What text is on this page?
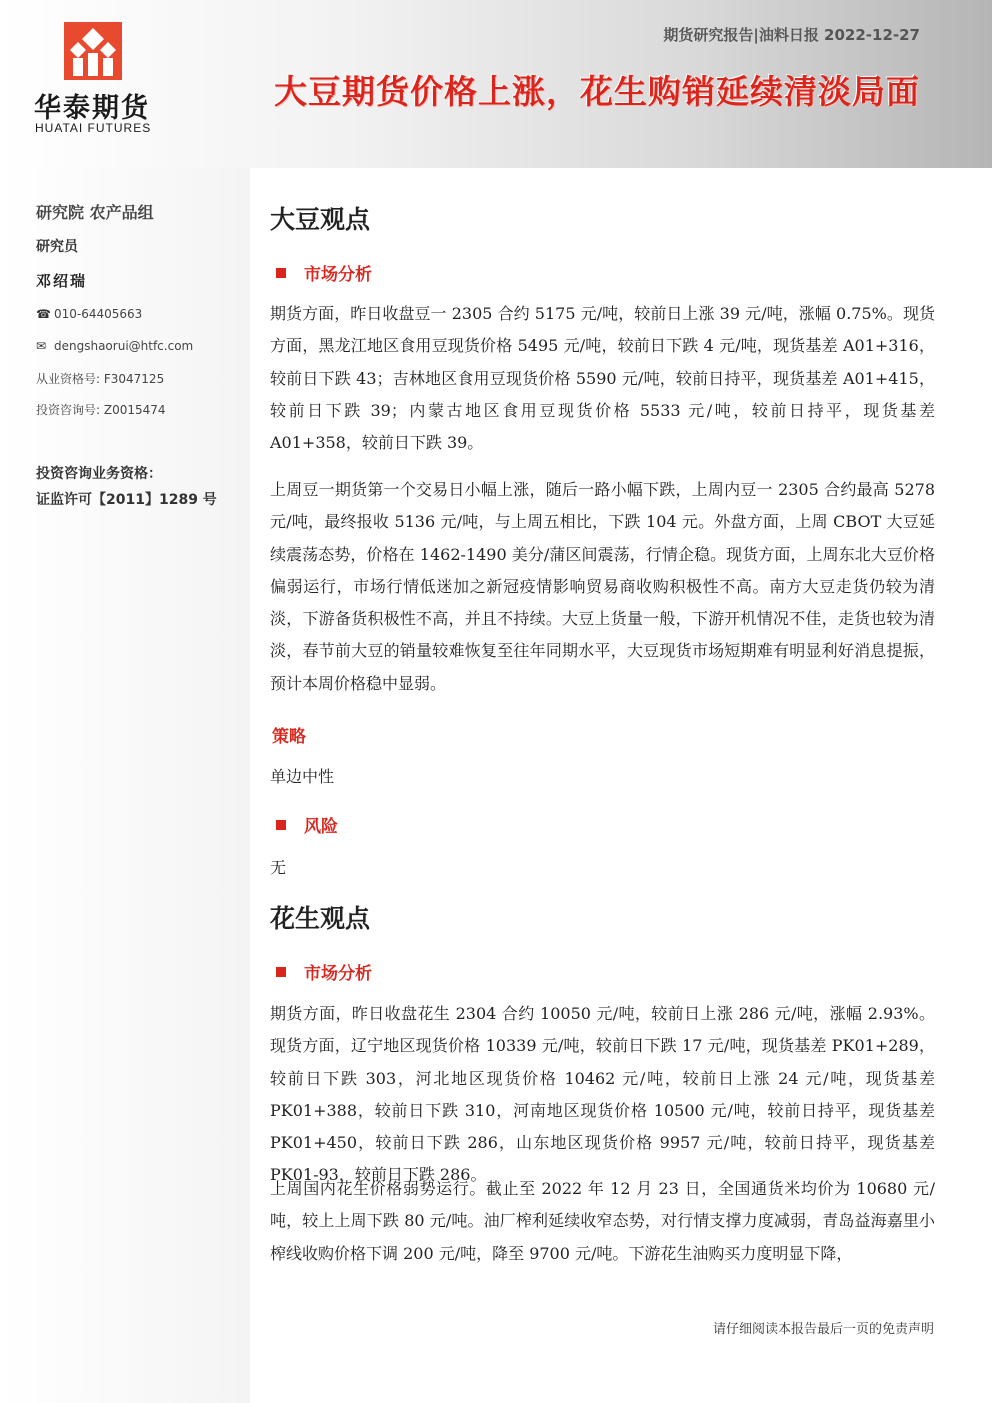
华泰期货
HUATAI FUTURES
期货研究报告|油料日报 2022-12-27
大豆期货价格上涨，花生购销延续清淡局面
研究院 农产品组
研究员
邓绍瑞
☎ 010-64405663
✉ dengshaorui@htfc.com
从业资格号: F3047125
投资咨询号: Z0015474
投资咨询业务资格：
证监许可【2011】1289 号
大豆观点
市场分析
期货方面，昨日收盘豆一 2305 合约 5175 元/吨，较前日上涨 39 元/吨，涨幅 0.75%。现货方面，黑龙江地区食用豆现货价格 5495 元/吨，较前日下跌 4 元/吨，现货基差 A01+316，较前日下跌 43；吉林地区食用豆现货价格 5590 元/吨，较前日持平，现货基差 A01+415，较前日下跌 39；内蒙古地区食用豆现货价格 5533 元/吨，较前日持平，现货基差 A01+358，较前日下跌 39。
上周豆一期货第一个交易日小幅上涨，随后一路小幅下跌，上周内豆一 2305 合约最高 5278 元/吨，最终报收 5136 元/吨，与上周五相比，下跌 104 元。外盘方面，上周 CBOT 大豆延续震荡态势，价格在 1462-1490 美分/蒲区间震荡，行情企稳。现货方面，上周东北大豆价格偏弱运行，市场行情低迷加之新冠疫情影响贸易商收购积极性不高。南方大豆走货仍较为清淡，下游备货积极性不高，并且不持续。大豆上货量一般，下游开机情况不佳，走货也较为清淡，春节前大豆的销量较难恢复至往年同期水平，大豆现货市场短期难有明显利好消息提振，预计本周价格稳中显弱。
策略
单边中性
风险
无
花生观点
市场分析
期货方面，昨日收盘花生 2304 合约 10050 元/吨，较前日上涨 286 元/吨，涨幅 2.93%。现货方面，辽宁地区现货价格 10339 元/吨，较前日下跌 17 元/吨，现货基差 PK01+289，较前日下跌 303，河北地区现货价格 10462 元/吨，较前日上涨 24 元/吨，现货基差 PK01+388，较前日下跌 310，河南地区现货价格 10500 元/吨，较前日持平，现货基差 PK01+450，较前日下跌 286，山东地区现货价格 9957 元/吨，较前日持平，现货基差 PK01-93，较前日下跌 286。
上周国内花生价格弱势运行。截止至 2022 年 12 月 23 日，全国通货米均价为 10680 元/吨，较上上周下跌 80 元/吨。油厂榨利延续收窄态势，对行情支撑力度减弱，青岛益海嘉里小榨线收购价格下调 200 元/吨，降至 9700 元/吨。下游花生油购买力度明显下降，
请仔细阅读本报告最后一页的免责声明
